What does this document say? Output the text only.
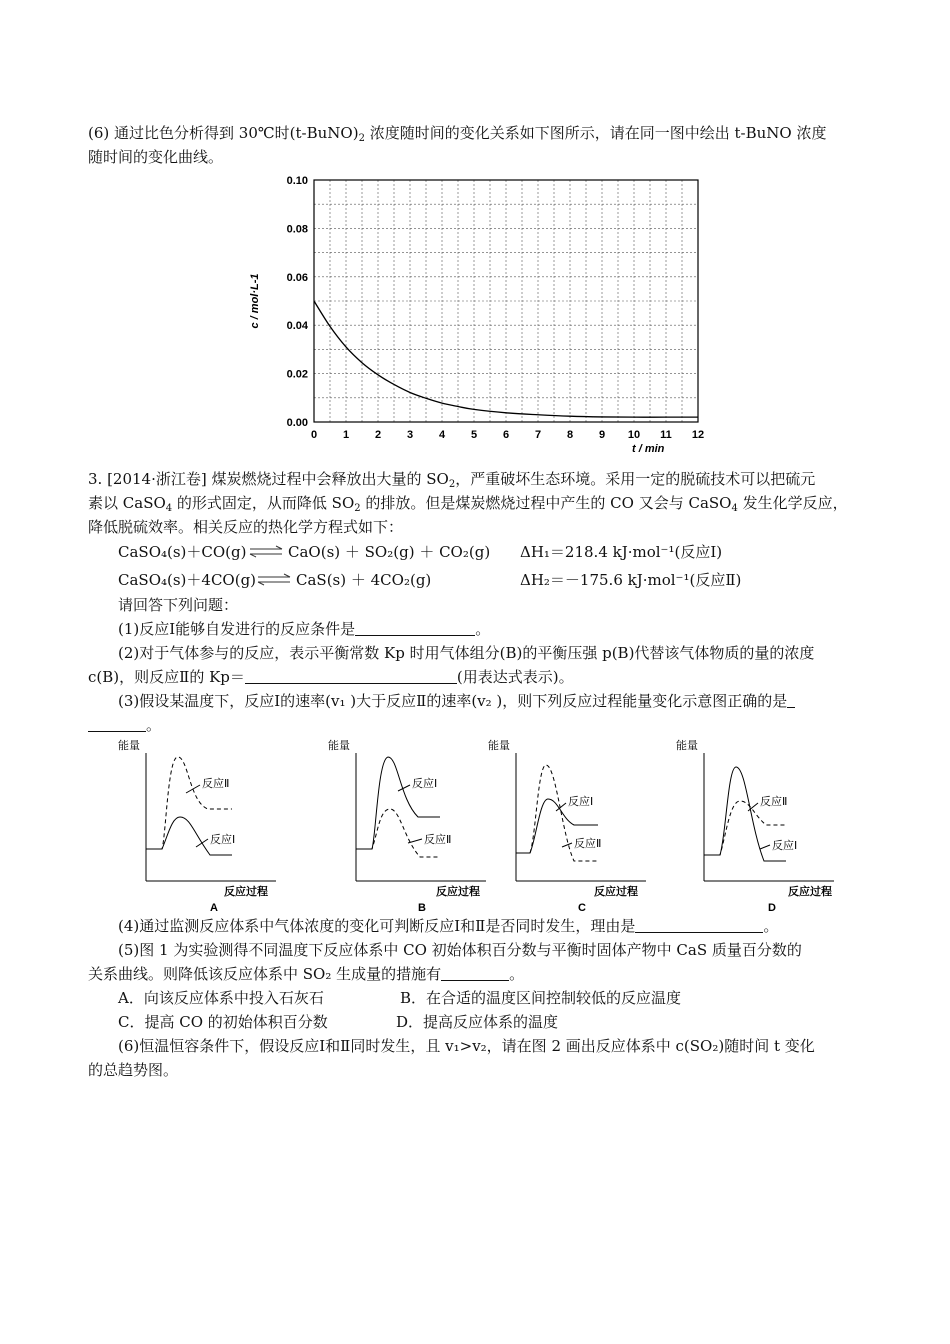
(6) 通过比色分析得到 30℃时$(t-BuNO)_2$ 浓度随时间的变化关系如下图所示，请在同一图中绘出 t-BuNO 浓度
随时间的变化曲线。
0.00
0.02
0.04
0.06
0.08
0.10
0 1 2 3 4 5 6 7 8 9 10 11 12
c / mol·L-1
t / min
3. [2014·浙江卷] 煤炭燃烧过程中会释放出大量的 $SO_2$，严重破坏生态环境。采用一定的脱硫技术可以把硫元
素以 CaSO$_4$ 的形式固定，从而降低 $SO_2$ 的排放。但是煤炭燃烧过程中产生的 CO 又会与 CaSO$_4$ 发生化学反应，
降低脱硫效率。相关反应的热化学方程式如下：
CaSO₄(s)＋CO(g) ⇌ CaO(s) ＋ SO₂(g) ＋ CO₂(g) ΔH₁＝218.4 kJ·mol⁻¹(反应Ⅰ)
CaSO₄(s)＋4CO(g) ⇌ CaS(s) ＋ 4CO₂(g)	ΔH₂＝－175.6 kJ·mol⁻¹(反应Ⅱ)
请回答下列问题：
(1)反应Ⅰ能够自发进行的反应条件是	。
(2)对于气体参与的反应，表示平衡常数 Kp 时用气体组分(B)的平衡压强 p(B)代替该气体物质的量的浓度
c(B)，则反应Ⅱ的 Kp＝	(用表达式表示)。
(3)假设某温度下，反应Ⅰ的速率(v₁ )大于反应Ⅱ的速率(v₂ )，则下列反应过程能量变化示意图正确的是
。
能量
反应Ⅱ
反应Ⅰ
反应过程
A
能量
反应Ⅰ
反应Ⅱ
反应过程
B
能量
反应Ⅰ
反应Ⅱ
反应过程
C
能量
反应Ⅱ
反应Ⅰ
反应过程
D
(4)通过监测反应体系中气体浓度的变化可判断反应Ⅰ和Ⅱ是否同时发生，理由是	。
(5)图 1 为实验测得不同温度下反应体系中 CO 初始体积百分数与平衡时固体产物中 CaS 质量百分数的
关系曲线。则降低该反应体系中 SO₂ 生成量的措施有	。
A．向该反应体系中投入石灰石	B．在合适的温度区间控制较低的反应温度
C．提高 CO 的初始体积百分数	D．提高反应体系的温度
(6)恒温恒容条件下，假设反应Ⅰ和Ⅱ同时发生，且 v₁>v₂，请在图 2 画出反应体系中 c(SO₂)随时间 t 变化
的总趋势图。
